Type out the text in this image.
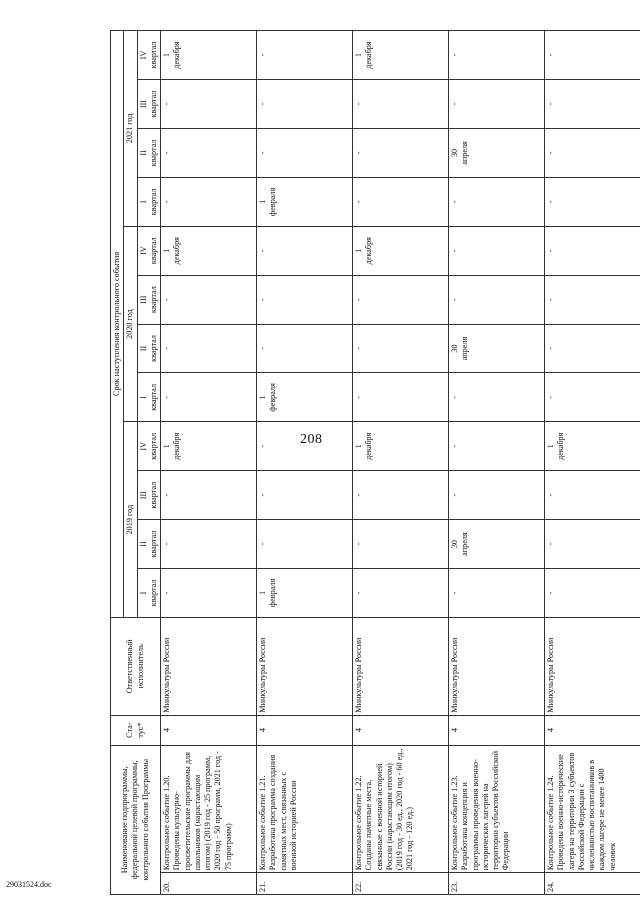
208
29031524.doc
Наименование подпрограммы, федеральной целевой программы, контрольного события Программы		Ста-тус*	Ответственный исполнитель	Срок наступления контрольного события											
				2019 год				2020 год				2021 год			

				I квартал	II квартал	III квартал	IV квартал	I квартал	II квартал	III квартал	IV квартал	I квартал	II квартал	III квартал	IV квартал

20.	Контрольное событие 1.20. Проведены культурно-просветительские программы для школьников (нарастающим итогом) (2019 год - 25 программ, 2020 год - 50 программ, 2021 год - 75 программ)	4	Минкультуры России	-	-	-	1 декабря	-	-	-	1 декабря	-	-	-	1 декабря

21.	Контрольное событие 1.21. Разработана программа создания памятных мест, связанных с военной историей России	4	Минкультуры России	1 февраля	-	-	-	1 февраля	-	-	-	1 февраля	-	-	-

22.	Контрольное событие 1.22. Созданы памятные места, связанные с военной историей России (нарастающим итогом) (2019 год - 30 ед., 2020 год - 60 ед., 2021 год - 120 ед.)	4	Минкультуры России	-	-	-	1 декабря	-	-	-	1 декабря	-	-	-	1 декабря

23.	Контрольное событие 1.23. Разработана концепция и программы проведения военно-исторических лагерей на территории субъектов Российской Федерации	4	Минкультуры России	-	30 апреля	-	-	-	30 апреля	-	-	-	30 апреля	-	-

24.	Контрольное событие 1.24. Проведены военно-исторические лагеря на территории 3 субъектов Российской Федерации с численностью воспитанников в каждом лагере не менее 1400 человек	4	Минкультуры России	-	-	-	1 декабря	-	-	-	-	-	-	-	-
